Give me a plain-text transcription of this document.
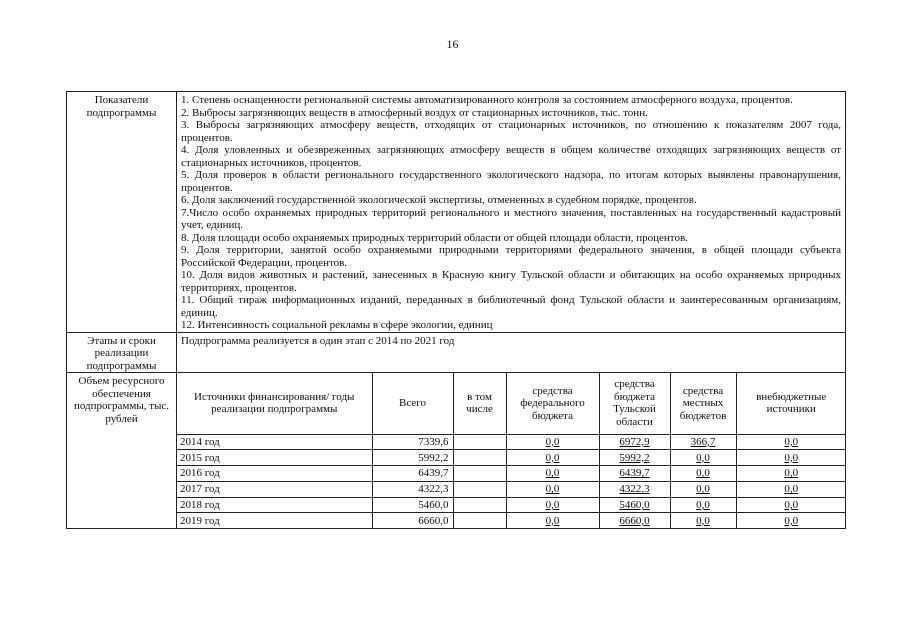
16
Показатели подпрограммы	

1. Степень оснащенности региональной системы автоматизированного контроля за состоянием атмосферного воздуха, процентов.

2. Выбросы загрязняющих веществ в атмосферный воздух от стационарных источников, тыс. тонн.

3. Выбросы загрязняющих атмосферу веществ, отходящих от стационарных источников, по отношению к показателям 2007 года, процентов.

4. Доля уловленных и обезвреженных загрязняющих атмосферу веществ в общем количестве отходящих загрязняющих веществ от стационарных источников, процентов.

5. Доля проверок в области регионального государственного экологического надзора, по итогам которых выявлены правонарушения, процентов.

6. Доля заключений государственной экологической экспертизы, отмененных в судебном порядке, процентов.

7.Число особо охраняемых природных территорий регионального и местного значения, поставленных на государственный кадастровый учет, единиц.

8. Доля площади особо охраняемых природных территорий области от общей площади области, процентов.

9. Доля территории, занятой особо охраняемыми природными территориями федерального значения, в общей площади субъекта Российской Федерации, процентов.

10. Доля видов животных и растений, занесенных в Красную книгу Тульской области и обитающих на особо охраняемых природных территориях, процентов.

11. Общий тираж информационных изданий, переданных в библиотечный фонд Тульской области и заинтересованным организациям, единиц.

12. Интенсивность социальной рекламы в сфере экологии, единиц

Этапы и сроки реализации подпрограммы	Подпрограмма реализуется в один этап с 2014 по 2021 год
Объем ресурсного обеспечения подпрограммы, тыс. рублей	
Источники финансирования/ годы реализации подпрограммы	Всего	в том числе	средства федерального бюджета	средства бюджета Тульской области	средства местных бюджетов	внебюджетные источники
2014 год	7339,6		0,0	6972,9	366,7	0,0
2015 год	5992,2		0,0	5992,2	0,0	0,0
2016 год	6439,7		0,0	6439,7	0,0	0,0
2017 год	4322,3		0,0	4322,3	0,0	0,0
2018 год	5460,0		0,0	5460,0	0,0	0,0
2019 год	6660,0		0,0	6660,0	0,0	0,0
